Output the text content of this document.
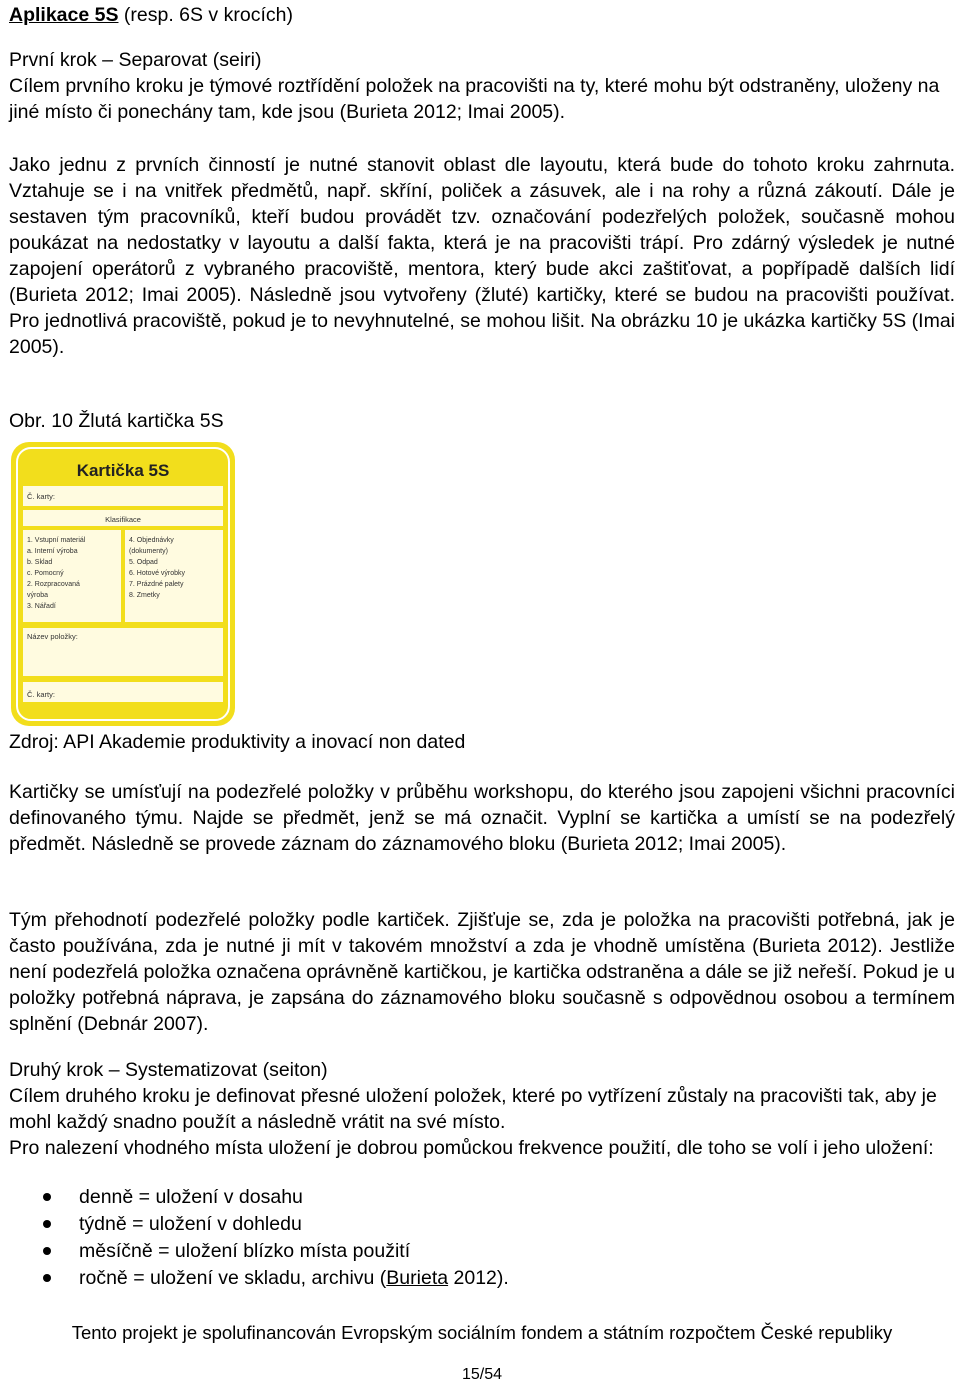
Aplikace 5S (resp. 6S v krocích)

První krok – Separovat (seiri)

Cílem prvního kroku je týmové roztřídění položek na pracovišti na ty, které mohu být odstraněny, uloženy na jiné místo či ponechány tam, kde jsou (Burieta 2012; Imai 2005).

Jako jednu z prvních činností je nutné stanovit oblast dle layoutu, která bude do tohoto kroku zahrnuta. Vztahuje se i na vnitřek předmětů, např. skříní, poliček a zásuvek, ale i na rohy a různá zákoutí. Dále je sestaven tým pracovníků, kteří budou provádět tzv. označování podezřelých položek, současně mohou poukázat na nedostatky v layoutu a další fakta, která je na pracovišti trápí. Pro zdárný výsledek je nutné zapojení operátorů z vybraného pracoviště, mentora, který bude akci zaštiťovat, a popřípadě dalších lidí (Burieta 2012; Imai 2005). Následně jsou vytvořeny (žluté) kartičky, které se budou na pracovišti používat. Pro jednotlivá pracoviště, pokud je to nevyhnutelné, se mohou lišit. Na obrázku 10 je ukázka kartičky 5S (Imai 2005).

Obr. 10 Žlutá kartička 5S

Kartička 5S
Č. karty:
Klasifikace
1. Vstupní materiál
a. Interní výroba
b. Sklad
c. Pomocný
2. Rozpracovaná
výroba
3. Nářadí
4. Objednávky
(dokumenty)
5. Odpad
6. Hotové výrobky
7. Prázdné palety
8. Zmetky
Název položky:
Č. karty:

Zdroj: API Akademie produktivity a inovací non dated

Kartičky se umísťují na podezřelé položky v průběhu workshopu, do kterého jsou zapojeni všichni pracovníci definovaného týmu. Najde se předmět, jenž se má označit. Vyplní se kartička a umístí se na podezřelý předmět. Následně se provede záznam do záznamového bloku (Burieta 2012; Imai 2005).

Tým přehodnotí podezřelé položky podle kartiček. Zjišťuje se, zda je položka na pracovišti potřebná, jak je často používána, zda je nutné ji mít v takovém množství a zda je vhodně umístěna (Burieta 2012). Jestliže není podezřelá položka označena oprávněně kartičkou, je kartička odstraněna a dále se již neřeší. Pokud je u položky potřebná náprava, je zapsána do záznamového bloku současně s odpovědnou osobou a termínem splnění (Debnár 2007).

Druhý krok – Systematizovat (seiton)

Cílem druhého kroku je definovat přesné uložení položek, které po vytřízení zůstaly na pracovišti tak, aby je mohl každý snadno použít a následně vrátit na své místo.

Pro nalezení vhodného místa uložení je dobrou pomůckou frekvence použití, dle toho se volí i jeho uložení:

denně = uložení v dosahu
týdně = uložení v dohledu
měsíčně = uložení blízko místa použití
ročně = uložení ve skladu, archivu (Burieta 2012).

Tento projekt je spolufinancován Evropským sociálním fondem a státním rozpočtem České republiky

15/54
